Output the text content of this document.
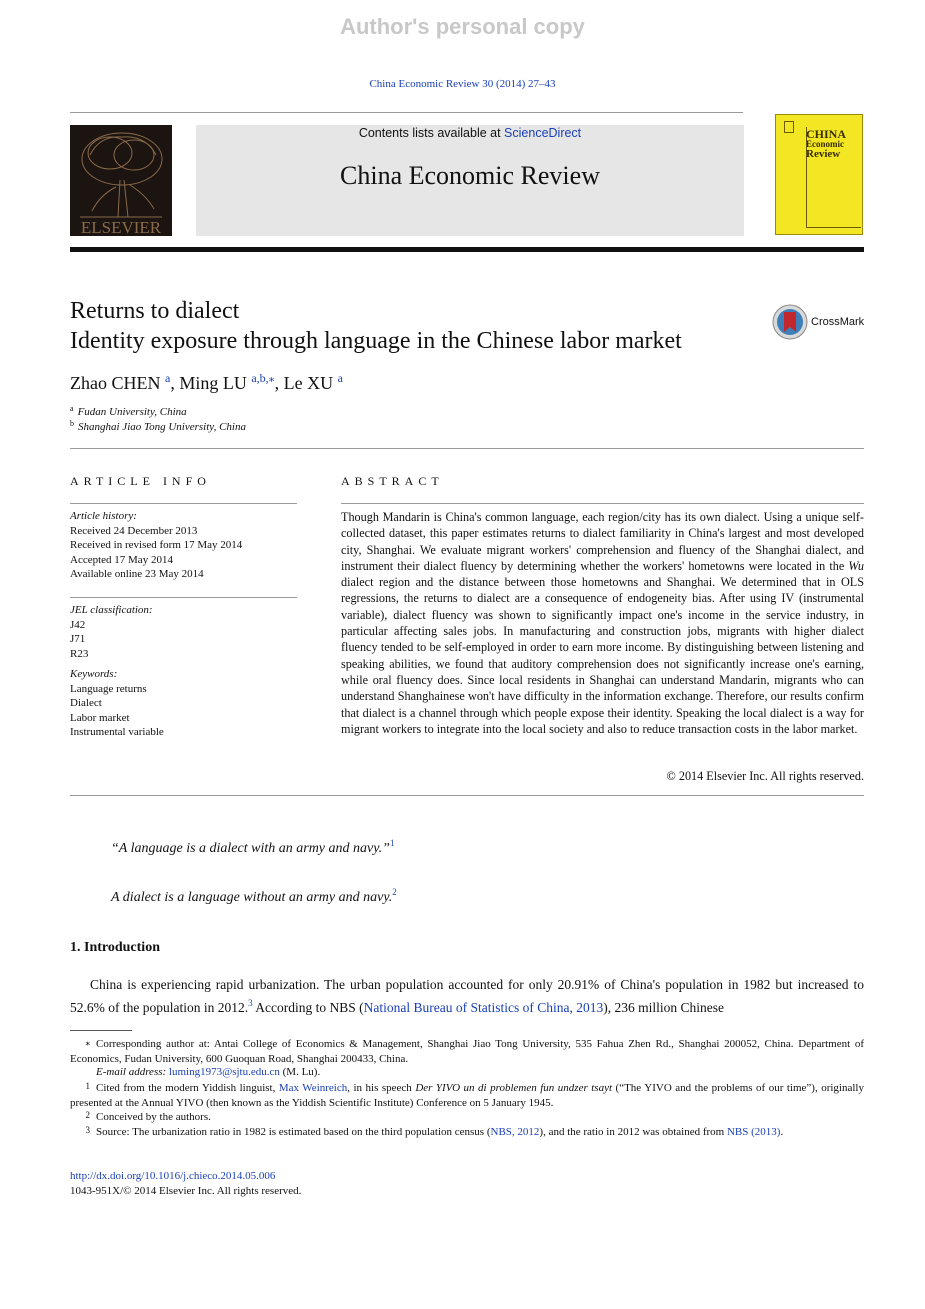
Author's personal copy
China Economic Review 30 (2014) 27–43
ELSEVIER
Contents lists available at ScienceDirect
China Economic Review
CHINA
Economic
Review
Returns to dialect
Identity exposure through language in the Chinese labor market
CrossMark
Zhao CHEN $^a$, Ming LU $^{a,b,⁎}$, Le XU $^a$
$^a$ Fudan University, China
$^b$ Shanghai Jiao Tong University, China
ARTICLE INFO	ABSTRACT
Article history:
Received 24 December 2013
Received in revised form 17 May 2014
Accepted 17 May 2014
Available online 23 May 2014
JEL classification:
J42
J71
R23
Keywords:
Language returns
Dialect
Labor market
Instrumental variable
Though Mandarin is China's common language, each region/city has its own dialect. Using a unique self-collected dataset, this paper estimates returns to dialect familiarity in China's largest and most developed city, Shanghai. We evaluate migrant workers' comprehension and fluency of the Shanghai dialect, and instrument their dialect fluency by determining whether the workers' hometowns were located in the Wu dialect region and the distance between those hometowns and Shanghai. We determined that in OLS regressions, the returns to dialect are a consequence of endogeneity bias. After using IV (instrumental variable), dialect fluency was shown to significantly impact one's income in the service industry, in particular affecting sales jobs. In manufacturing and construction jobs, migrants with higher dialect fluency tended to be self-employed in order to earn more income. By distinguishing between listening and speaking abilities, we found that auditory comprehension does not significantly increase one's earning, while oral fluency does. Since local residents in Shanghai can understand Mandarin, migrants who can understand Shanghainese won't have difficulty in the information exchange. Therefore, our results confirm that dialect is a channel through which people expose their identity. Speaking the local dialect is a way for migrant workers to integrate into the local society and also to reduce transaction costs in the labor market.
© 2014 Elsevier Inc. All rights reserved.
“A language is a dialect with an army and navy.”$^1$
A dialect is a language without an army and navy.$^2$
1. Introduction
China is experiencing rapid urbanization. The urban population accounted for only 20.91% of China's population in 1982 but increased to 52.6% of the population in 2012.$^3$ According to NBS (National Bureau of Statistics of China, 2013), 236 million Chinese
⁎ Corresponding author at: Antai College of Economics & Management, Shanghai Jiao Tong University, 535 Fahua Zhen Rd., Shanghai 200052, China. Department of Economics, Fudan University, 600 Guoquan Road, Shanghai 200433, China.
E-mail address: luming1973@sjtu.edu.cn (M. Lu).
1 Cited from the modern Yiddish linguist, Max Weinreich, in his speech Der YIVO un di problemen fun undzer tsayt (“The YIVO and the problems of our time”), originally presented at the Annual YIVO (then known as the Yiddish Scientific Institute) Conference on 5 January 1945.
2 Conceived by the authors.
3 Source: The urbanization ratio in 1982 is estimated based on the third population census (NBS, 2012), and the ratio in 2012 was obtained from NBS (2013).
http://dx.doi.org/10.1016/j.chieco.2014.05.006
1043-951X/© 2014 Elsevier Inc. All rights reserved.
